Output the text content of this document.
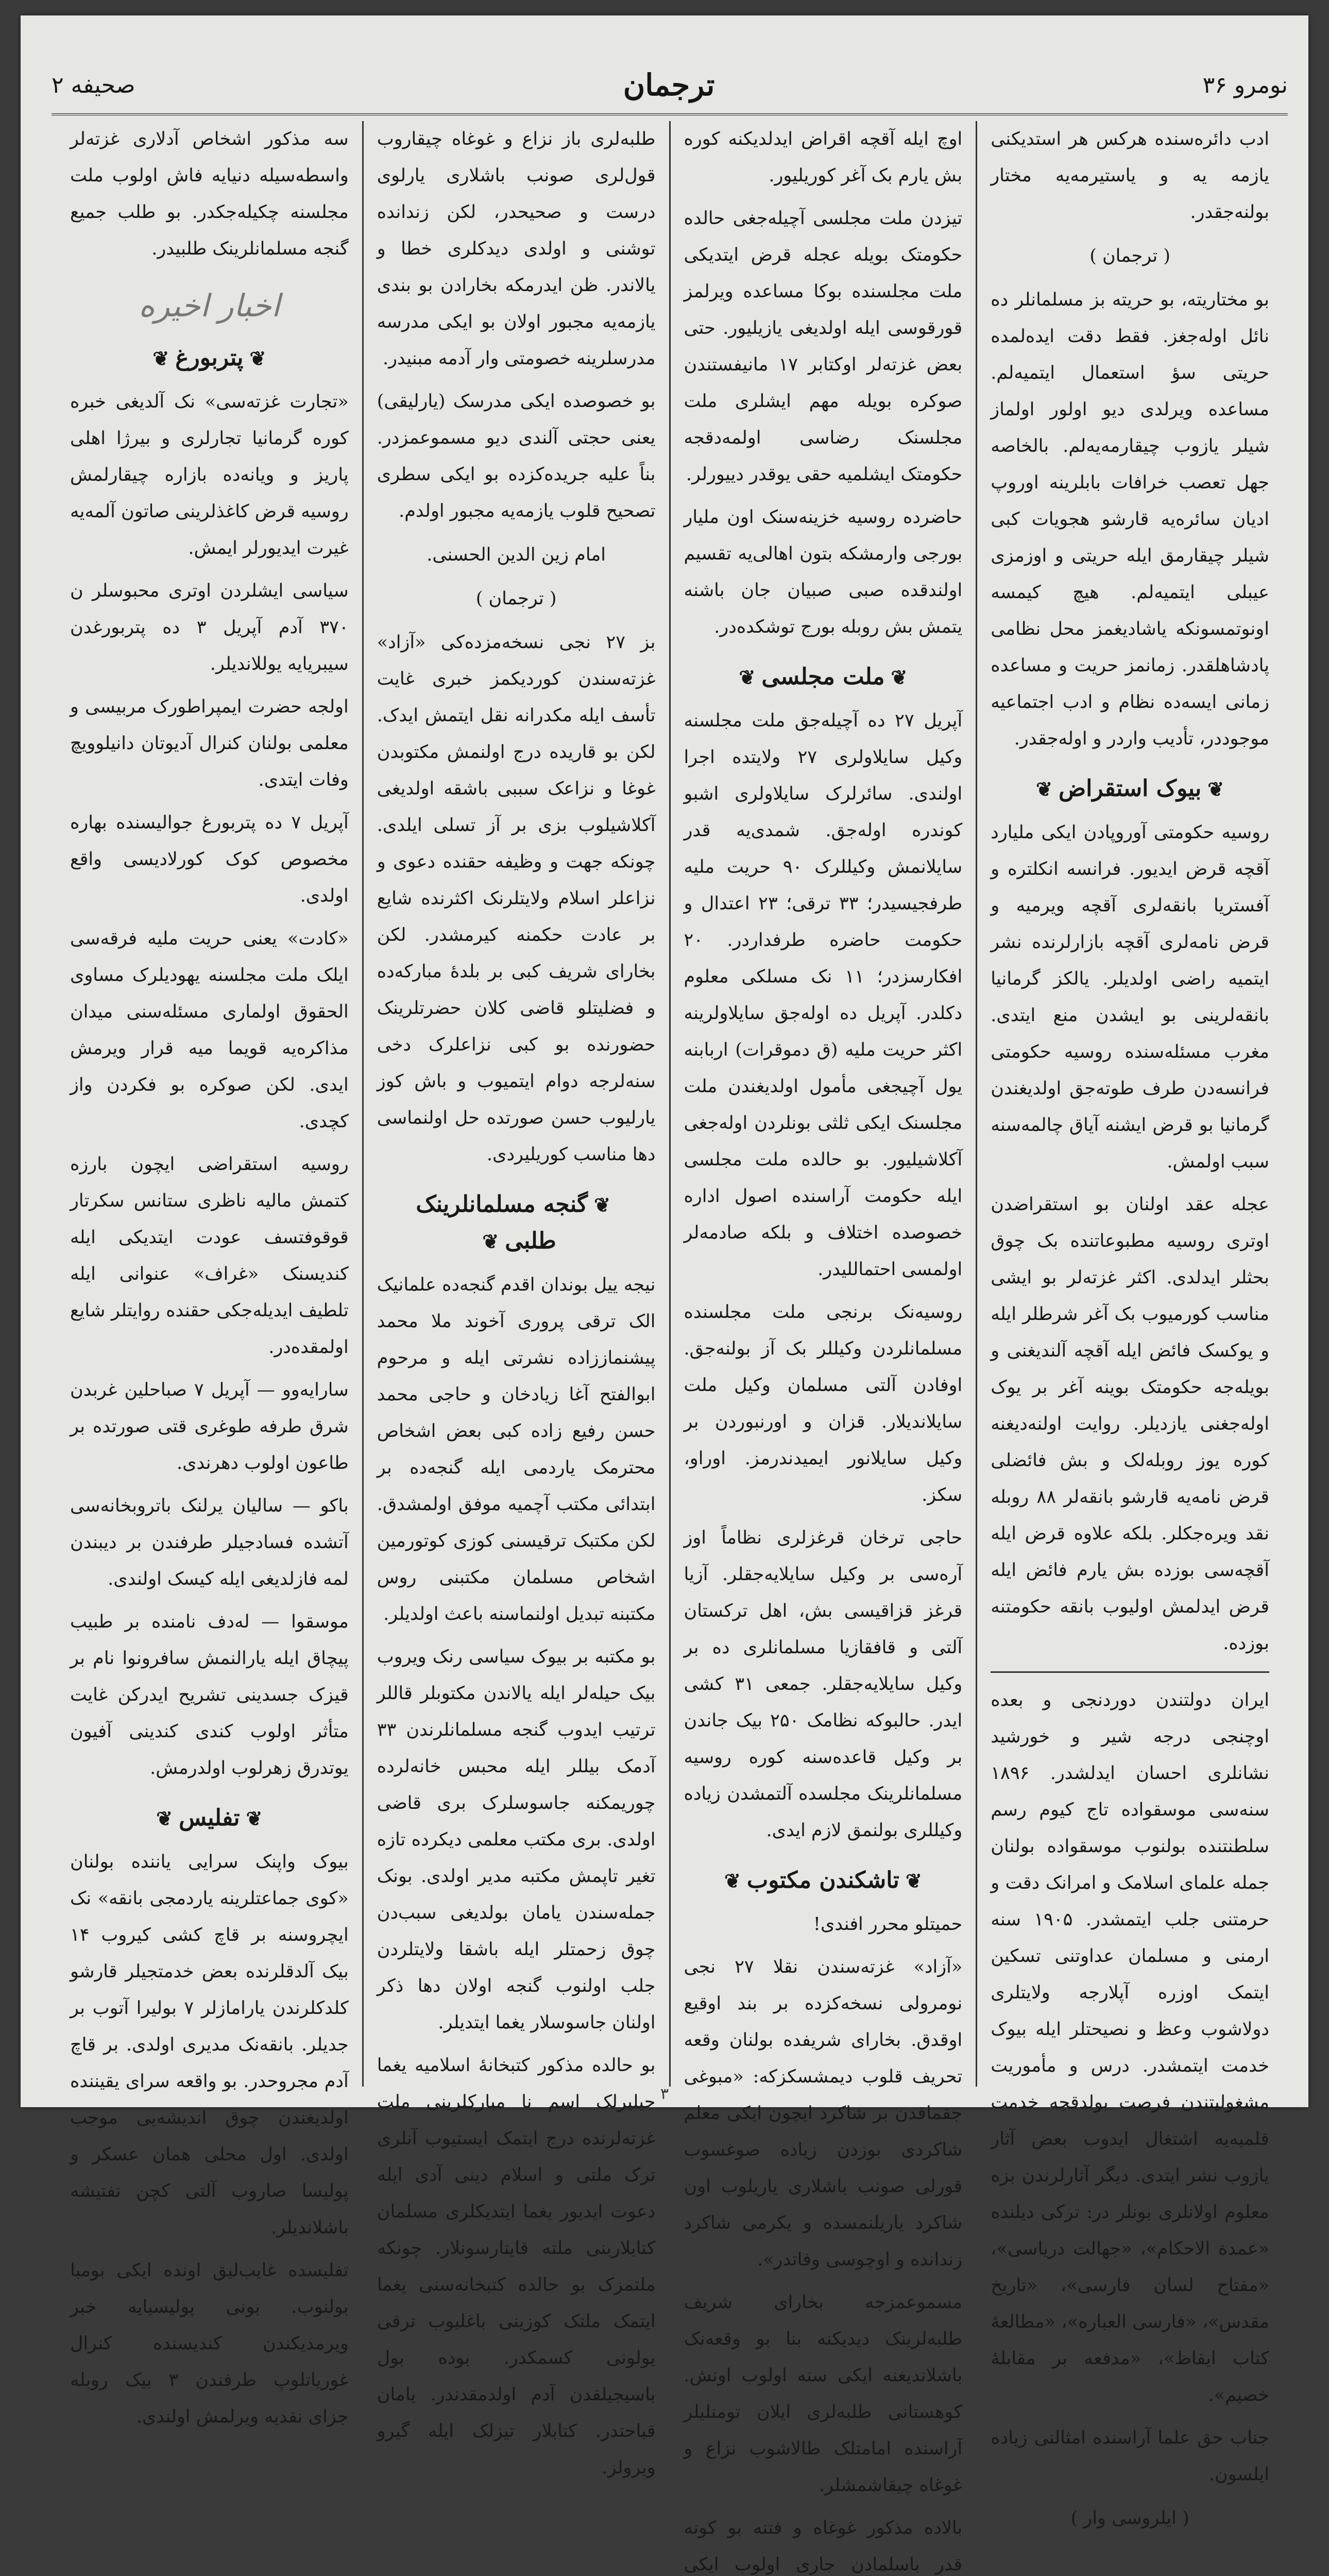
نومرو ۳۶
ترجمان
صحیفه ۲

ادب دائره‌سنده هرکس هر استدیکنی یازمه یه و یاستیرمه‌یه مختار بولنه‌جقدر.

( ترجمان )

بو مختاریته، بو حریته بز مسلمانلر ده نائل اوله‌جغز. فقط دقت ایده‌لمده حریتی سؤ استعمال ایتمیه‌لم. مساعده ویرلدی دیو اولور اولماز شیلر یازوب چیقارمه‌یه‌لم. بالخاصه جهل تعصب خرافات بابلرینه اوروپ ادیان سائره‌یه قارشو هجویات کبی شیلر چیقارمق ایله حریتی و اوزمزی عیبلی ایتمیه‌لم. هیچ کیمسه اونوتمسونکه یاشادیغمز محل نظامی پادشاهلقدر. زمانمز حریت و مساعده زمانی ایسه‌ده نظام و ادب اجتماعیه موجوددر، تأدیب واردر و اوله‌جقدر.

❦بیوک استقراض❦

روسیه حکومتی آوروپادن ایکی ملیارد آقچه قرض ایدیور. فرانسه انکلتره و آفستریا بانقه‌لری آقچه ویرمیه و قرض نامه‌لری آقچه بازارلرنده نشر ایتمیه راضی اولدیلر. یالکز گرمانیا بانقه‌لرینی بو ایشدن منع ایتدی. مغرب مسئله‌سنده روسیه حکومتی فرانسه‌دن طرف طوته‌جق اولدیغندن گرمانیا بو قرض ایشنه آیاق چالمه‌سنه سبب اولمش.

عجله عقد اولنان بو استقراضدن اوتری روسیه مطبوعاتنده بک چوق بحثلر ایدلدی. اکثر غزته‌لر بو ایشی مناسب کورمیوب بک آغر شرطلر ایله و یوکسک فائض ایله آقچه آلندیغنی و بویله‌جه حکومتک بوینه آغر بر یوک اوله‌جغنی یازدیلر. روایت اولنه‌دیغنه کوره یوز روبله‌لک و بش فائضلی قرض نامه‌یه قارشو بانقه‌لر ۸۸ روبله نقد ویره‌جکلر. بلکه علاوه قرض ایله آقچه‌سی بوزده بش یارم فائض ایله قرض ایدلمش اولیوب بانقه حکومتنه بوزده.

ایران دولتندن دوردنجی و بعده اوچنجی درجه شیر و خورشید نشانلری احسان ایدلشدر. ۱۸۹۶ سنه‌سی موسقواده تاج کیوم رسم سلطنتنده بولنوب موسقواده بولنان جمله علمای اسلامک و امرانک دقت و حرمتنی جلب ایتمشدر. ۱۹۰۵ سنه ارمنی و مسلمان عداوتنی تسکین ایتمک اوزره آپلارجه ولایتلری دولاشوب وعظ و نصیحتلر ایله بیوک خدمت ایتمشدر. درس و مأموریت مشغولیتندن فرصت بولدقجه خدمت قلمیه‌یه اشتغال ایدوب بعض آثار یازوب نشر ایتدی. دیگر آثارلرندن بزه معلوم اولانلری بونلر در: ترکی دیلنده «عمدة الاحکام»، «جهالت دریاسی»، «مفتاح لسان فارسی»، «تاریخ مقدس»، «فارسی العباره»، «مطالعهٔ کتاب ایقاظ»، «مدفعه بر مقابلهٔ خصیم».

جناب حق علما آراسنده امثالنی زیاده ایلسون.

( ایلروسی وار )

اوچ ایله آقچه اقراض ایدلدیکنه کوره بش یارم بک آغر کوریلیور.

تیزدن ملت مجلسی آچیله‌جغی حالده حکومتک بویله عجله قرض ایتدیکی ملت مجلسنده بوکا مساعده ویرلمز قورقوسی ایله اولدیغی یازیلیور. حتی بعض غزته‌لر اوکتابر ۱۷ مانیفستندن صوکره بویله مهم ایشلری ملت مجلسنک رضاسی اولمه‌دقجه حکومتک ایشلمیه حقی یوقدر دییورلر.

حاضرده روسیه خزینه‌سنک اون ملیار بورجی وارمشکه بتون اهالی‌یه تقسیم اولندقده صبی صبیان جان باشنه یتمش بش روبله بورج توشکده‌در.

❦ملت مجلسی❦

آپریل ۲۷ ده آچیله‌جق ملت مجلسنه وکیل سایلاولری ۲۷ ولایتده اجرا اولندی. سائرلرک سایلاولری اشبو کوندره اوله‌جق. شمدی‌یه قدر سایلانمش وکیللرک ۹۰ حریت ملیه طرفجیسیدر؛ ۳۳ ترقی؛ ۲۳ اعتدال و حکومت حاضره طرفداردر. ۲۰ افکارسزدر؛ ۱۱ نک مسلکی معلوم دکلدر. آپریل ده اوله‌جق سایلاولرینه اکثر حریت ملیه (ق دموقرات) اربابنه یول آچیجغی مأمول اولدیغندن ملت مجلسنک ایکی ثلثی بونلردن اوله‌جغی آکلاشیلیور. بو حالده ملت مجلسی ایله حکومت آراسنده اصول اداره خصوصده اختلاف و بلکه صادمه‌لر اولمسی احتماللیدر.

روسیه‌نک برنجی ملت مجلسنده مسلمانلردن وکیللر بک آز بولنه‌جق. اوفادن آلتی مسلمان وکیل ملت سایلاندیلار. قزان و اورنبوردن بر وکیل سایلانور ایمیدندرمز. اوراو، سکز.

حاجی ترخان قرغزلری نظاماً اوز آره‌سی بر وکیل سایلایه‌جقلر. آزیا قرغز قزاقیسی بش، اهل ترکستان آلتی و قافقازیا مسلمانلری ده بر وکیل سایلایه‌جقلر. جمعی ۳۱ کشی ایدر. حالبوکه نظامک ۲۵۰ بیک جاندن بر وکیل قاعده‌سنه کوره روسیه مسلمانلرینک مجلسده آلتمشدن زیاده وکیللری بولنمق لازم ایدی.

❦تاشکندن مکتوب❦

حمیتلو محرر افندی!

«آزاد» غزته‌سندن نقلا ۲۷ نجی نومرولی نسخه‌کزده بر بند اوقیع اوقدق. بخارای شریفده بولنان وقعه تحریف قلوب دیمشسکزکه: «مبوغی جقماقدن بر شاکرد ایچون ایکی معلم شاکردی بوزدن زیاده صوغسوب قورلی صونب باشلاری یاریلوب اون شاکرد یاریلنمسده و یکرمی شاکرد زندانده و اوچوسی وفاتدر».

مسموعمزجه بخارای شریف طلبه‌لرینک دیدیکنه بنا بو وقعه‌نک باشلاندیغنه ایکی سنه اولوب اونش. کوهستانی طلبه‌لری ایلان تومنلیلر آراسنده امامتلک طالاشوب نزاع و غوغاه چیقاشمشلر.

بالاده مذکور غوغاه و فتنه بو کونه قدر باسلمادن جاری اولوب ایکی

طلبه‌لری باز نزاع و غوغاه چیقاروب قول‌لری صونب باشلاری یارلوی درست و صحیحدر، لکن زندانده توشنی و اولدی دیدکلری خطا و یالاندر. ظن ایدرمکه بخارادن بو بندی یازمه‌یه مجبور اولان بو ایکی مدرسه مدرسلرینه خصومتی وار آدمه مبنیدر.

بو خصوصده ایکی مدرسک (یارلیقی) یعنی حجتی آلندی دیو مسموعمزدر. بناً علیه جریده‌کزده بو ایکی سطری تصحیح قلوب یازمه‌یه مجبور اولدم.

امام زین الدین الحسنی.
( ترجمان )

بز ۲۷ نجی نسخه‌مزده‌کی «آزاد» غزته‌سندن کوردیکمز خبری غایت تأسف ایله مکدرانه نقل ایتمش ایدک. لکن بو قاریده درج اولنمش مکتوبدن غوغا و نزاعک سببی باشقه اولدیغی آکلاشیلوب بزی بر آز تسلی ایلدی. چونکه جهت و وظیفه حقنده دعوی و نزاعلر اسلام ولایتلرنک اکثرنده شایع بر عادت حکمنه کیرمشدر. لکن بخارای شریف کبی بر بلدهٔ مبارکه‌ده و فضلیتلو قاضی کلان حضرتلرینک حضورنده بو کبی نزاعلرک دخی سنه‌لرجه دوام ایتمیوب و باش کوز یارلیوب حسن صورتده حل اولنماسی دها مناسب کوریلیردی.

❦گنجه مسلمانلرینک طلبی❦

نیجه ییل بوندان اقدم گنجه‌ده علمانیک الک ترقی پروری آخوند ملا محمد پیشنماززاده نشرتی ایله و مرحوم ابوالفتح آغا زیادخان و حاجی محمد حسن رفیع زاده کبی بعض اشخاص محترمک یاردمی ایله گنجه‌ده بر ابتدائی مکتب آچمیه موفق اولمشدق. لکن مکتبک ترقیسنی کوزی کوتورمین اشخاص مسلمان مکتبنی روس مکتبنه تبدیل اولنماسنه باعث اولدیلر.

بو مکتبه بر بیوک سیاسی رنک ویروب بیک حیله‌لر ایله یالاندن مکتوبلر قاللر ترتیب ایدوب گنجه مسلمانلرندن ۳۳ آدمک بیللر ایله محبس خانه‌لرده چوریمکنه جاسوسلرک بری قاضی اولدی. بری مکتب معلمی دیکرده تازه تغیر تاپمش مکتبه مدیر اولدی. بونک جمله‌سندن یامان بولدیغی سبب‌دن چوق زحمتلر ایله باشقا ولایتلردن جلب اولنوب گنجه اولان دها ذکر اولنان جاسوسلار یغما ایتدیلر.

بو حالده مذکور کتبخانهٔ اسلامیه یغما جیلیرلک اسم نا مبارکلرینی ملت غزته‌لرنده درج ایتمک ایستیوب آنلری ترک ملتی و اسلام دینی آدی ایله دعوت ایدیور یغما ایتدیکلری مسلمان کتابلارینی ملته قایتارسونلار. چونکه ملتمزک بو حالده کتبخانه‌سنی یغما ایتمک ملتک کوزینی باغلیوب ترقی یولونی کسمکدر. بوده بول باسیجیلقدن آدم اولدمقدندر. یامان قباحتدر. کتابلار تیزلک ایله گیرو ویرولز.

سه مذکور اشخاص آدلاری غزته‌لر واسطه‌سیله دنیایه فاش اولوب ملت مجلسنه چکیله‌جکدر. بو طلب جمیع گنجه مسلمانلرینک طلبیدر.

اخبار اخیره
❦پتربورغ❦

«تجارت غزته‌سی» نک آلدیغی خبره کوره گرمانیا تجارلری و بیرژا اهلی پاریز و ویانه‌ده بازاره چیقارلمش روسیه قرض کاغذلرینی صاتون آلمه‌یه غیرت ایدیورلر ایمش.

سیاسی ایشلردن اوتری محبوسلر ن ۳۷۰ آدم آپریل ۳ ده پتربورغدن سیبریایه یوللاندیلر.

اولجه حضرت ایمپراطورک مربیسی و معلمی بولنان کنرال آدیوتان دانیلوویچ وفات ایتدی.

آپریل ۷ ده پتربورغ جوالیسنده بهاره مخصوص کوک کورلادیسی واقع اولدی.

«کادت» یعنی حریت ملیه فرقه‌سی ایلک ملت مجلسنه یهودیلرک مساوی الحقوق اولماری مسئله‌سنی میدان مذاکره‌یه قویما میه قرار ویرمش ایدی. لکن صوکره بو فکردن واز کچدی.

روسیه استقراضی ایچون بارزه کتمش مالیه ناظری ستانس سکرتار قوقوفتسف عودت ایتدیکی ایله کندیسنک «غراف» عنوانی ایله تلطیف ایدیله‌جکی حقنده روایتلر شایع اولمقده‌در.

سارایه‌وو — آپریل ۷ صباحلین غربدن شرق طرفه طوغری قتی صورتده بر طاعون اولوب دهرندی.

باکو — سالیان یرلنک باتروبخانه‌سی آتشده فساد‌جیلر طرفندن بر دیبندن لمه فازلدیغی ایله کیسک اولندی.

موسقوا — لەدف نامنده بر طبیب پیچاق ایله یارالنمش سافرونوا نام بر قیزک جسدینی تشریح ایدرکن غایت متأثر اولوب کندی کندینی آفیون یوتدرق زهرلوب اولدرمش.

❦تفلیس❦

بیوک واپنک سرایی یاننده بولنان «کوی جماعتلرینه یاردمجی بانقه» نک ایچروسنه بر قاچ کشی کیروب ۱۴ بیک آلدقلرنده بعض خدمتجیلر قارشو کلدکلرندن یارامازلر ۷ بولیرا آتوب بر جدیلر. بانقه‌نک مدیری اولدی. بر قاچ آدم مجروحدر. بو واقعه سرای یقیننده اولدیغندن چوق اندیشه‌یی موجب اولدی. اول محلی همان عسکر و پولیسا صاروب آلتی کچن تفتیشه باشلاندیلر.

تفلیسده غایب‌لیق اونده ایکی بومبا بولنوب. بونی پولیسیایه خبر ویرمدیکندن کندیسنده کنرال غوریاتلوپ طرفندن ۳ بیک روبله جزای نقدیه ویرلمش اولندی.

۳
